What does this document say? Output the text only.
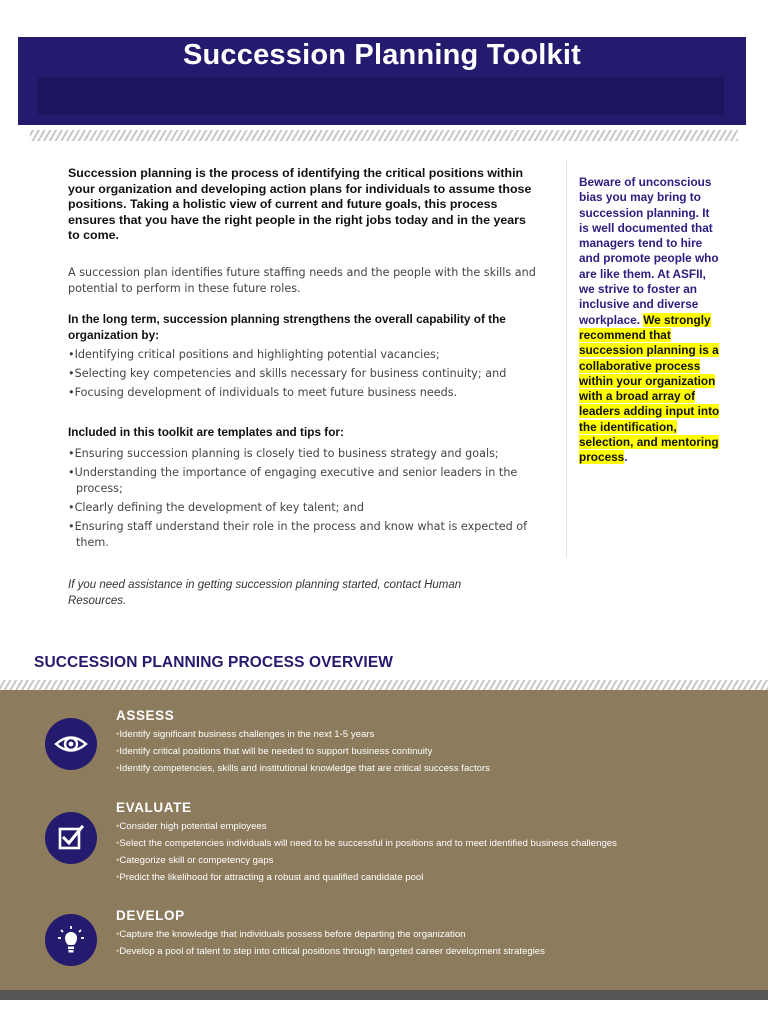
Succession Planning Toolkit

Succession planning is the process of identifying the critical positions within your organization and developing action plans for individuals to assume those positions. Taking a holistic view of current and future goals, this process ensures that you have the right people in the right jobs today and in the years to come.

A succession plan identifies future staffing needs and the people with the skills and potential to perform in these future roles.

In the long term, succession planning strengthens the overall capability of the organization by:
• Identifying critical positions and highlighting potential vacancies;
• Selecting key competencies and skills necessary for business continuity; and
• Focusing development of individuals to meet future business needs.
Included in this toolkit are templates and tips for:
• Ensuring succession planning is closely tied to business strategy and goals;
• Understanding the importance of engaging executive and senior leaders in the process;
• Clearly defining the development of key talent; and
• Ensuring staff understand their role in the process and know what is expected of them.

If you need assistance in getting succession planning started, contact Human Resources.

Beware of unconscious bias you may bring to succession planning. It is well documented that managers tend to hire and promote people who are like them. At ASFII, we strive to foster an inclusive and diverse workplace. We strongly recommend that succession planning is a collaborative process within your organization with a broad array of leaders adding input into the identification, selection, and mentoring process.

SUCCESSION PLANNING PROCESS OVERVIEW
ASSESS
• Identify significant business challenges in the next 1-5 years
• Identify critical positions that will be needed to support business continuity
• Identify competencies, skills and institutional knowledge that are critical success factors
EVALUATE
• Consider high potential employees
• Select the competencies individuals will need to be successful in positions and to meet identified business challenges
• Categorize skill or competency gaps
• Predict the likelihood for attracting a robust and qualified candidate pool
DEVELOP
• Capture the knowledge that individuals possess before departing the organization
• Develop a pool of talent to step into critical positions through targeted career development strategies
